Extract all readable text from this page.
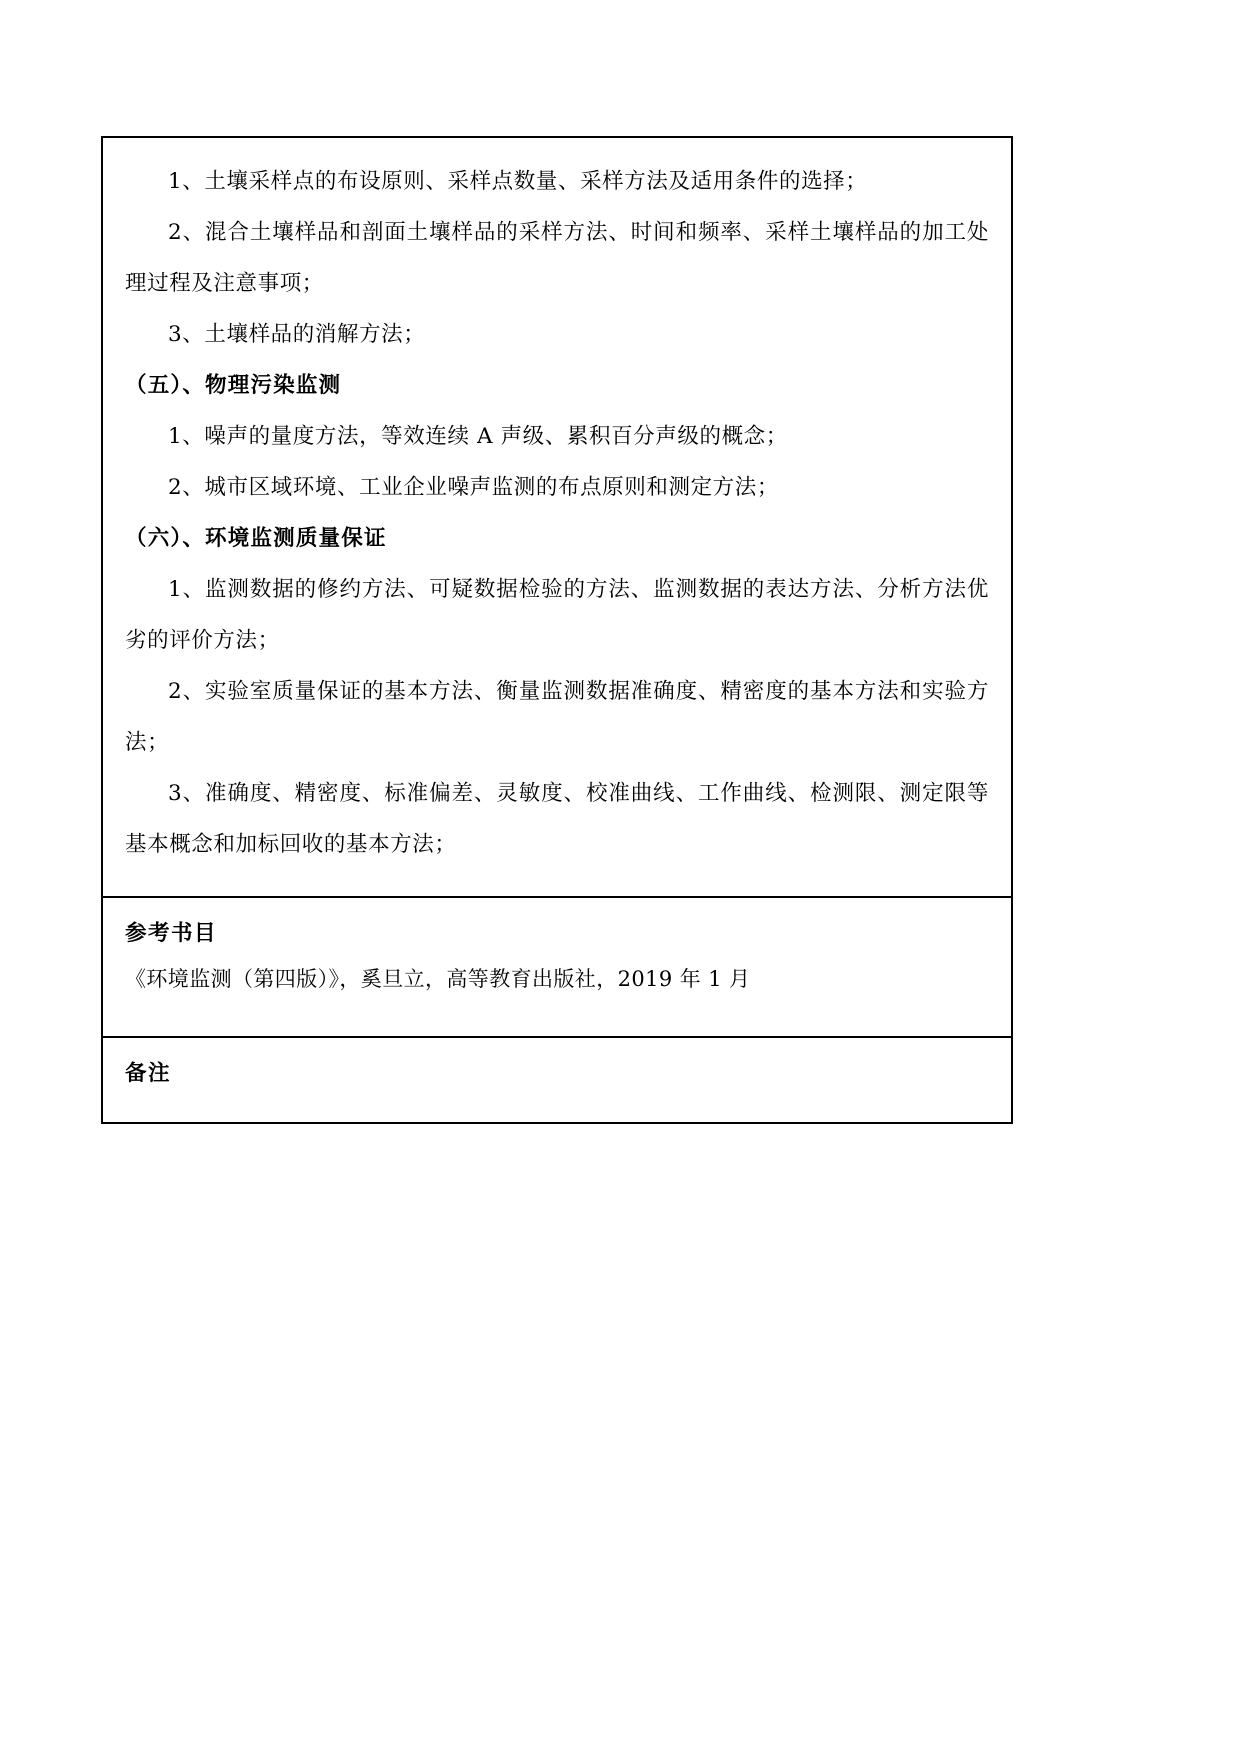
1、土壤采样点的布设原则、采样点数量、采样方法及适用条件的选择；

2、混合土壤样品和剖面土壤样品的采样方法、时间和频率、采样土壤样品的加工处理过程及注意事项；

3、土壤样品的消解方法；

（五）、物理污染监测

1、噪声的量度方法，等效连续 A 声级、累积百分声级的概念；

2、城市区域环境、工业企业噪声监测的布点原则和测定方法；

（六）、环境监测质量保证

1、监测数据的修约方法、可疑数据检验的方法、监测数据的表达方法、分析方法优劣的评价方法；

2、实验室质量保证的基本方法、衡量监测数据准确度、精密度的基本方法和实验方法；

3、准确度、精密度、标准偏差、灵敏度、校准曲线、工作曲线、检测限、测定限等基本概念和加标回收的基本方法；

参考书目

《环境监测（第四版）》，奚旦立，高等教育出版社，2019 年 1 月

备注
